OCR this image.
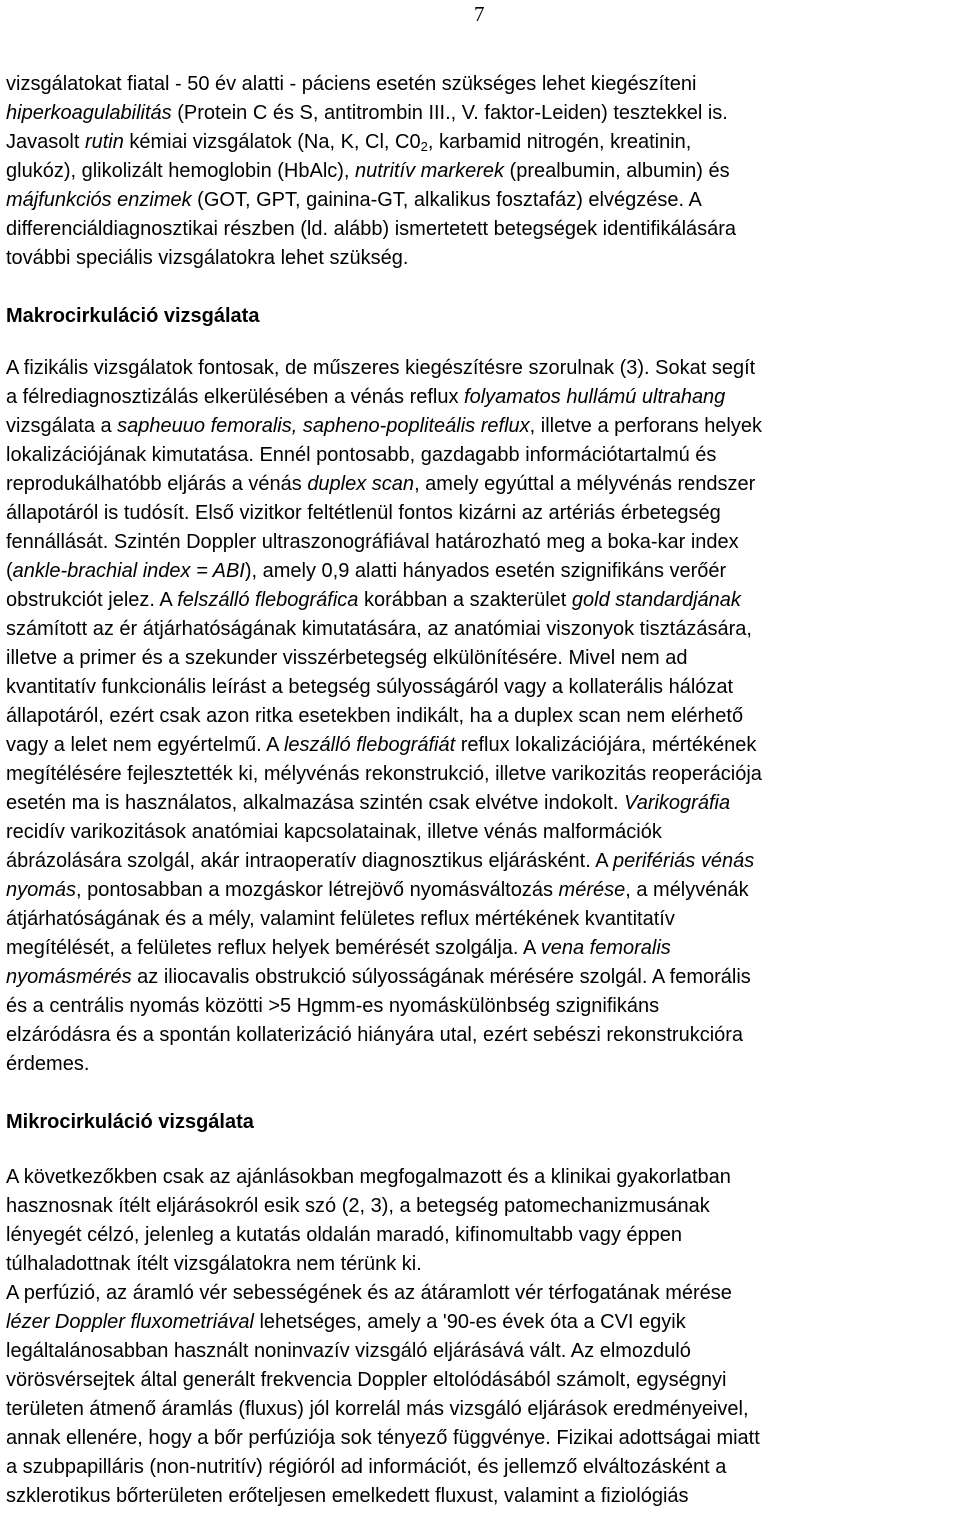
7
vizsgálatokat fiatal - 50 év alatti - páciens esetén szükséges lehet kiegészíteni
hiperkoagulabilitás (Protein C és S, antitrombin III., V. faktor-Leiden) tesztekkel is.
Javasolt rutin kémiai vizsgálatok (Na, K, Cl, $C0_2$, karbamid nitrogén, kreatinin,
glukóz), glikolizált hemoglobin (HbAlc), nutritív markerek (prealbumin, albumin) és
májfunkciós enzimek (GOT, GPT, gainina-GT, alkalikus fosztafáz) elvégzése. A
differenciáldiagnosztikai részben (ld. alább) ismertetett betegségek identifikálására
további speciális vizsgálatokra lehet szükség.
Makrocirkuláció vizsgálata
A fizikális vizsgálatok fontosak, de műszeres kiegészítésre szorulnak (3). Sokat segít
a félrediagnosztizálás elkerülésében a vénás reflux folyamatos hullámú ultrahang
vizsgálata a sapheuuo femoralis, sapheno-popliteális reflux, illetve a perforans helyek
lokalizációjának kimutatása. Ennél pontosabb, gazdagabb információtartalmú és
reprodukálhatóbb eljárás a vénás duplex scan, amely egyúttal a mélyvénás rendszer
állapotáról is tudósít. Első vizitkor feltétlenül fontos kizárni az artériás érbetegség
fennállását. Szintén Doppler ultraszonográfiával határozható meg a boka-kar index
(ankle-brachial index = ABI), amely 0,9 alatti hányados esetén szignifikáns verőér
obstrukciót jelez. A felszálló flebográfica korábban a szakterület gold standardjának
számított az ér átjárhatóságának kimutatására, az anatómiai viszonyok tisztázására,
illetve a primer és a szekunder visszérbetegség elkülönítésére. Mivel nem ad
kvantitatív funkcionális leírást a betegség súlyosságáról vagy a kollaterális hálózat
állapotáról, ezért csak azon ritka esetekben indikált, ha a duplex scan nem elérhető
vagy a lelet nem egyértelmű. A leszálló flebográfiát reflux lokalizációjára, mértékének
megítélésére fejlesztették ki, mélyvénás rekonstrukció, illetve varikozitás reoperációja
esetén ma is használatos, alkalmazása szintén csak elvétve indokolt. Varikográfia
recidív varikozitások anatómiai kapcsolatainak, illetve vénás malformációk
ábrázolására szolgál, akár intraoperatív diagnosztikus eljárásként. A perifériás vénás
nyomás, pontosabban a mozgáskor létrejövő nyomásváltozás mérése, a mélyvénák
átjárhatóságának és a mély, valamint felületes reflux mértékének kvantitatív
megítélését, a felületes reflux helyek bemérését szolgálja. A vena femoralis
nyomásmérés az iliocavalis obstrukció súlyosságának mérésére szolgál. A femorális
és a centrális nyomás közötti >5 Hgmm-es nyomáskülönbség szignifikáns
elzáródásra és a spontán kollaterizáció hiányára utal, ezért sebészi rekonstrukcióra
érdemes.
Mikrocirkuláció vizsgálata
A következőkben csak az ajánlásokban megfogalmazott és a klinikai gyakorlatban
hasznosnak ítélt eljárásokról esik szó (2, 3), a betegség patomechanizmusának
lényegét célzó, jelenleg a kutatás oldalán maradó, kifinomultabb vagy éppen
túlhaladottnak ítélt vizsgálatokra nem térünk ki.
A perfúzió, az áramló vér sebességének és az átáramlott vér térfogatának mérése
lézer Doppler fluxometriával lehetséges, amely a '90-es évek óta a CVI egyik
legáltalánosabban használt noninvazív vizsgáló eljárásává vált. Az elmozduló
vörösvérsejtek által generált frekvencia Doppler eltolódásából számolt, egységnyi
területen átmenő áramlás (fluxus) jól korrelál más vizsgáló eljárások eredményeivel,
annak ellenére, hogy a bőr perfúziója sok tényező függvénye. Fizikai adottságai miatt
a szubpapilláris (non-nutritív) régióról ad információt, és jellemző elváltozásként a
szklerotikus bőrterületen erőteljesen emelkedett fluxust, valamint a fiziológiás
